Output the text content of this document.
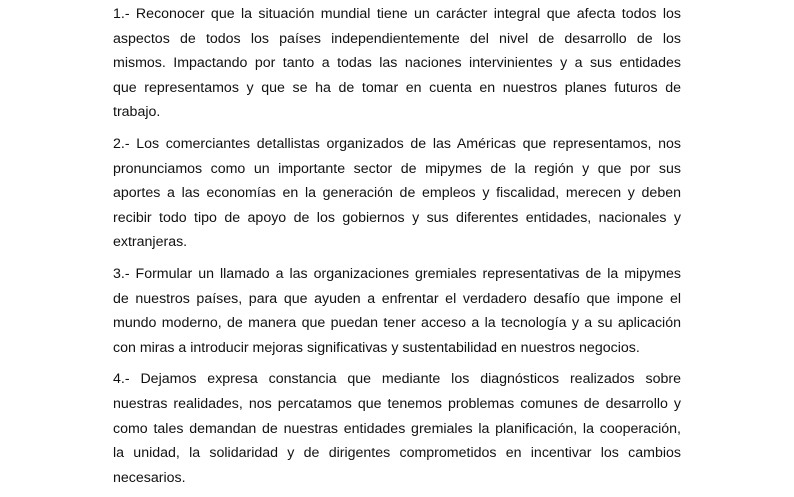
1.- Reconocer que la situación mundial tiene un carácter integral que afecta todos los
aspectos de todos los países independientemente del nivel de desarrollo de los
mismos. Impactando por tanto a todas las naciones intervinientes y a sus entidades
que representamos y que se ha de tomar en cuenta en nuestros planes futuros de
trabajo.

2.- Los comerciantes detallistas organizados de las Américas que representamos, nos
pronunciamos como un importante sector de mipymes de la región y que por sus
aportes a las economías en la generación de empleos y fiscalidad, merecen y deben
recibir todo tipo de apoyo de los gobiernos y sus diferentes entidades, nacionales y
extranjeras.

3.- Formular un llamado a las organizaciones gremiales representativas de la mipymes
de nuestros países, para que ayuden a enfrentar el verdadero desafío que impone el
mundo moderno, de manera que puedan tener acceso a la tecnología y a su aplicación
con miras a introducir mejoras significativas y sustentabilidad en nuestros negocios.

4.- Dejamos expresa constancia que mediante los diagnósticos realizados sobre
nuestras realidades, nos percatamos que tenemos problemas comunes de desarrollo y
como tales demandan de nuestras entidades gremiales la planificación, la cooperación,
la unidad, la solidaridad y de dirigentes comprometidos en incentivar los cambios
necesarios.
